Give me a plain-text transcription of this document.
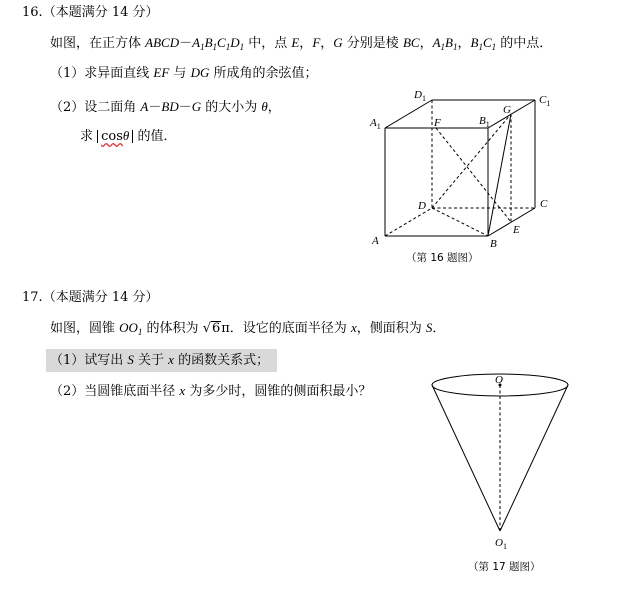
16.（本题满分 14 分）
如图，在正方体 $ABCD-A_1B_1C_1D_1$ 中，点 E，F，G 分别是棱 BC，$A_1B_1$，$B_1C_1$ 的中点．
（1）求异面直线 EF 与 DG 所成角的余弦值；
（2）设二面角 A－BD－G 的大小为 θ，
求 cosθ 的值．
$D_1$	$C_1$
$A_1$	$B_1$
F
G
D	C
A	B
E
（第 16 题图）
17.（本题满分 14 分）
如图，圆锥 $OO_1$ 的体积为 √6π．设它的底面半径为 x，侧面积为 S．
（1）试写出 S 关于 x 的函数关系式；
（2）当圆锥底面半径 x 为多少时，圆锥的侧面积最小？
O
$O_1$
（第 17 题图）
